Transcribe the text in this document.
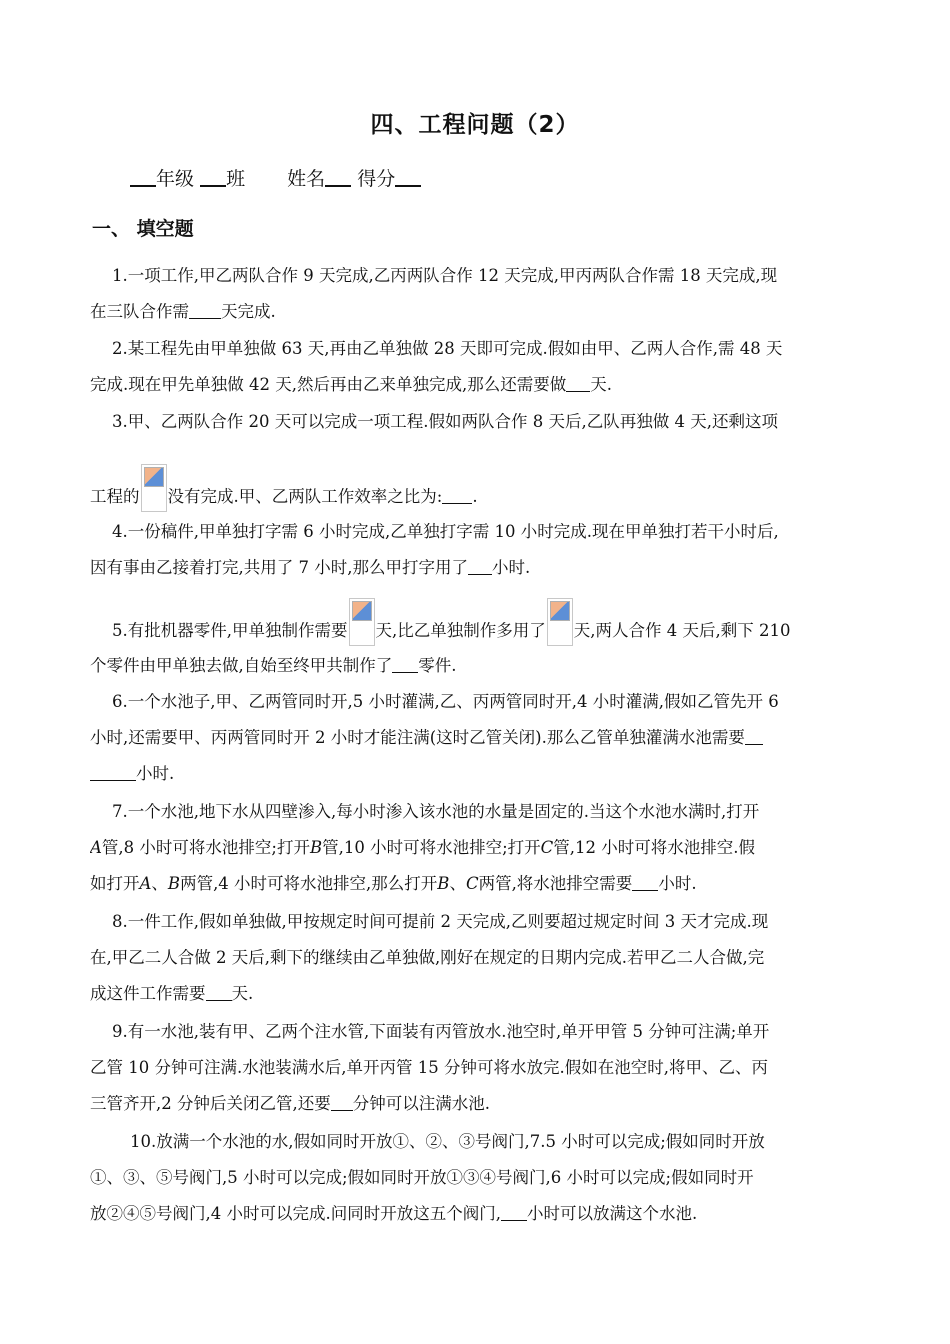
四、工程问题（2）
年级 班 姓名 得分
一、 填空题
1.一项工作,甲乙两队合作 9 天完成,乙丙两队合作 12 天完成,甲丙两队合作需 18 天完成,现
在三队合作需 天完成.
2.某工程先由甲单独做 63 天,再由乙单独做 28 天即可完成.假如由甲、乙两人合作,需 48 天
完成.现在甲先单独做 42 天,然后再由乙来单独完成,那么还需要做 天.
3.甲、乙两队合作 20 天可以完成一项工程.假如两队合作 8 天后,乙队再独做 4 天,还剩这项
工程的 没有完成.甲、乙两队工作效率之比为: .
4.一份稿件,甲单独打字需 6 小时完成,乙单独打字需 10 小时完成.现在甲单独打若干小时后,
因有事由乙接着打完,共用了 7 小时,那么甲打字用了 小时.
5.有批机器零件,甲单独制作需要 天,比乙单独制作多用了 天,两人合作 4 天后,剩下 210
个零件由甲单独去做,自始至终甲共制作了 零件.
6.一个水池子,甲、乙两管同时开,5 小时灌满,乙、丙两管同时开,4 小时灌满,假如乙管先开 6
小时,还需要甲、丙两管同时开 2 小时才能注满(这时乙管关闭).那么乙管单独灌满水池需要
小时.
7.一个水池,地下水从四壁渗入,每小时渗入该水池的水量是固定的.当这个水池水满时,打开
A管,8 小时可将水池排空;打开B管,10 小时可将水池排空;打开C管,12 小时可将水池排空.假
如打开A、B两管,4 小时可将水池排空,那么打开B、C两管,将水池排空需要 小时.
8.一件工作,假如单独做,甲按规定时间可提前 2 天完成,乙则要超过规定时间 3 天才完成.现
在,甲乙二人合做 2 天后,剩下的继续由乙单独做,刚好在规定的日期内完成.若甲乙二人合做,完
成这件工作需要 天.
9.有一水池,装有甲、乙两个注水管,下面装有丙管放水.池空时,单开甲管 5 分钟可注满;单开
乙管 10 分钟可注满.水池装满水后,单开丙管 15 分钟可将水放完.假如在池空时,将甲、乙、丙
三管齐开,2 分钟后关闭乙管,还要 分钟可以注满水池.
10.放满一个水池的水,假如同时开放①、②、③号阀门,7.5 小时可以完成;假如同时开放
①、③、⑤号阀门,5 小时可以完成;假如同时开放①③④号阀门,6 小时可以完成;假如同时开
放②④⑤号阀门,4 小时可以完成.问同时开放这五个阀门, 小时可以放满这个水池.
